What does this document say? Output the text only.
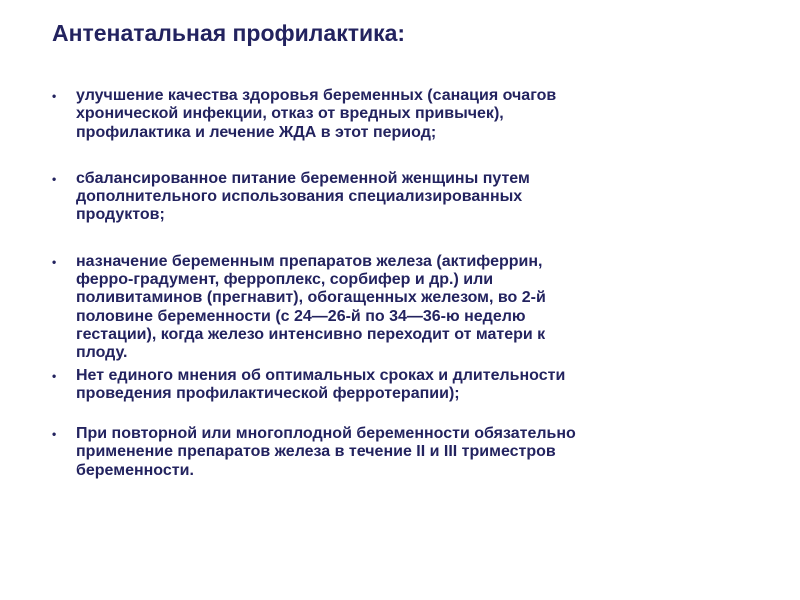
Антенатальная профилактика:
• улучшение качества здоровья беременных (санация очагов
хронической инфекции, отказ от вредных привычек),
профилактика и лечение ЖДА в этот период;
• сбалансированное питание беременной женщины путем
дополнительного использования специализированных
продуктов;
• назначение беременным препаратов железа (актиферрин,
ферро-градумент, ферроплекс, сорбифер и др.) или
поливитаминов (прегнавит), обогащенных железом, во 2-й
половине беременности (с 24—26-й по 34—36-ю неделю
гестации), когда железо интенсивно переходит от матери к
плоду.
• Нет единого мнения об оптимальных сроках и длительности
проведения профилактической ферротерапии);
• При повторной или многоплодной беременности обязательно
применение препаратов железа в течение II и III триместров
беременности.
